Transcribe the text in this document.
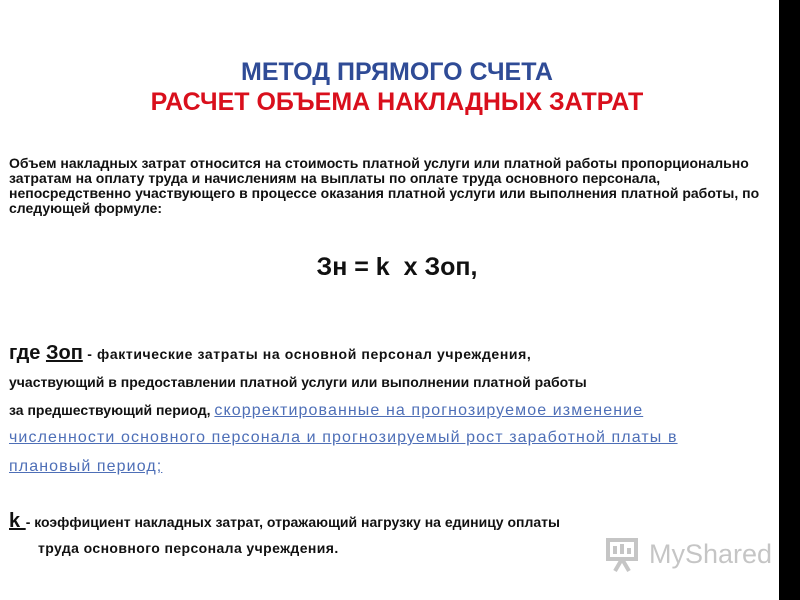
МЕТОД ПРЯМОГО СЧЕТА
РАСЧЕТ ОБЪЕМА НАКЛАДНЫХ ЗАТРАТ

Объем накладных затрат относится на стоимость платной услуги или платной работы пропорционально затратам на оплату труда и начислениям на выплаты по оплате труда основного персонала, непосредственно участвующего в процессе оказания платной услуги или выполнения платной работы, по следующей формуле:

Зн = k  х Зоп,
где Зоп - фактические затраты на основной персонал учреждения,
участвующий в предоставлении платной услуги или выполнении платной работы
за предшествующий период, скорректированные на прогнозируемое изменение
численности основного персонала и прогнозируемый рост заработной платы в
плановый период;
k - коэффициент накладных затрат, отражающий нагрузку на единицу оплаты
труда основного персонала учреждения.	MyShared
